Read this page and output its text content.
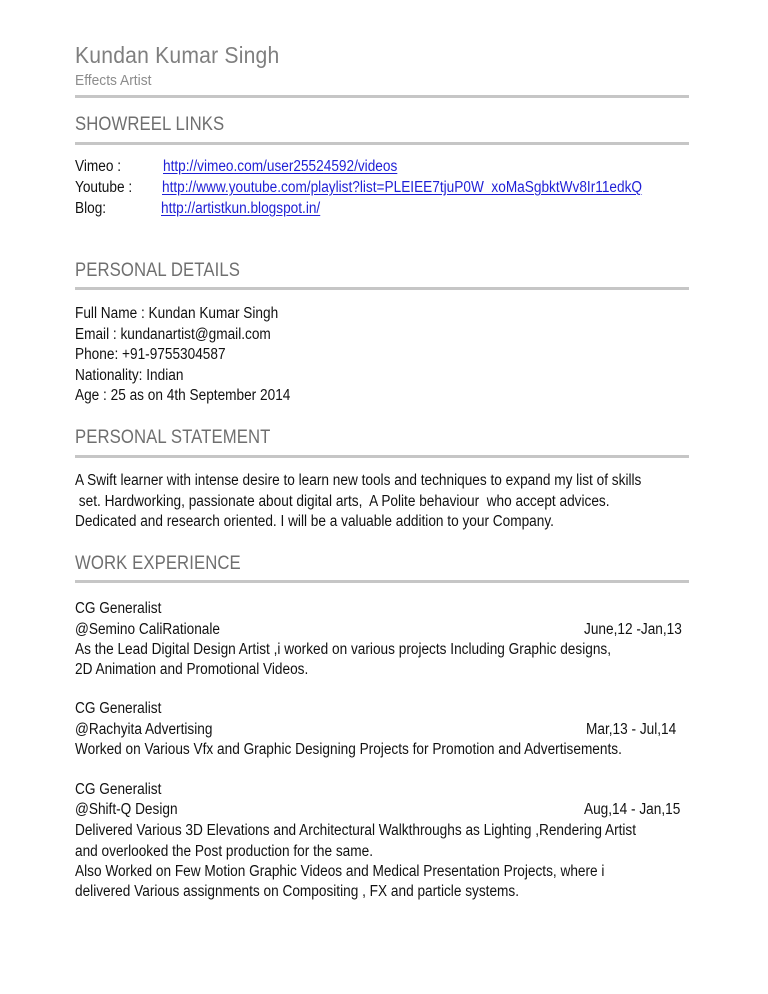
Kundan Kumar Singh
Effects Artist
SHOWREEL LINKS
Vimeo :	http://vimeo.com/user25524592/videos
Youtube : http://www.youtube.com/playlist?list=PLEIEE7tjuP0W_xoMaSgbktWv8Ir11edkQ
Blog:	http://artistkun.blogspot.in/
PERSONAL DETAILS
Full Name : Kundan Kumar Singh
Email : kundanartist@gmail.com
Phone: +91-9755304587
Nationality: Indian
Age : 25 as on 4th September 2014
PERSONAL STATEMENT
A Swift learner with intense desire to learn new tools and techniques to expand my list of skills
set. Hardworking, passionate about digital arts,  A Polite behaviour  who accept advices.
Dedicated and research oriented. I will be a valuable addition to your Company.
WORK EXPERIENCE
CG Generalist
@Semino CaliRationale	June,12 -Jan,13
As the Lead Digital Design Artist ,i worked on various projects Including Graphic designs,
2D Animation and Promotional Videos.
CG Generalist
@Rachyita Advertising	Mar,13 - Jul,14
Worked on Various Vfx and Graphic Designing Projects for Promotion and Advertisements.
CG Generalist
@Shift-Q Design	Aug,14 - Jan,15
Delivered Various 3D Elevations and Architectural Walkthroughs as Lighting ,Rendering Artist
and overlooked the Post production for the same.
Also Worked on Few Motion Graphic Videos and Medical Presentation Projects, where i
delivered Various assignments on Compositing , FX and particle systems.
